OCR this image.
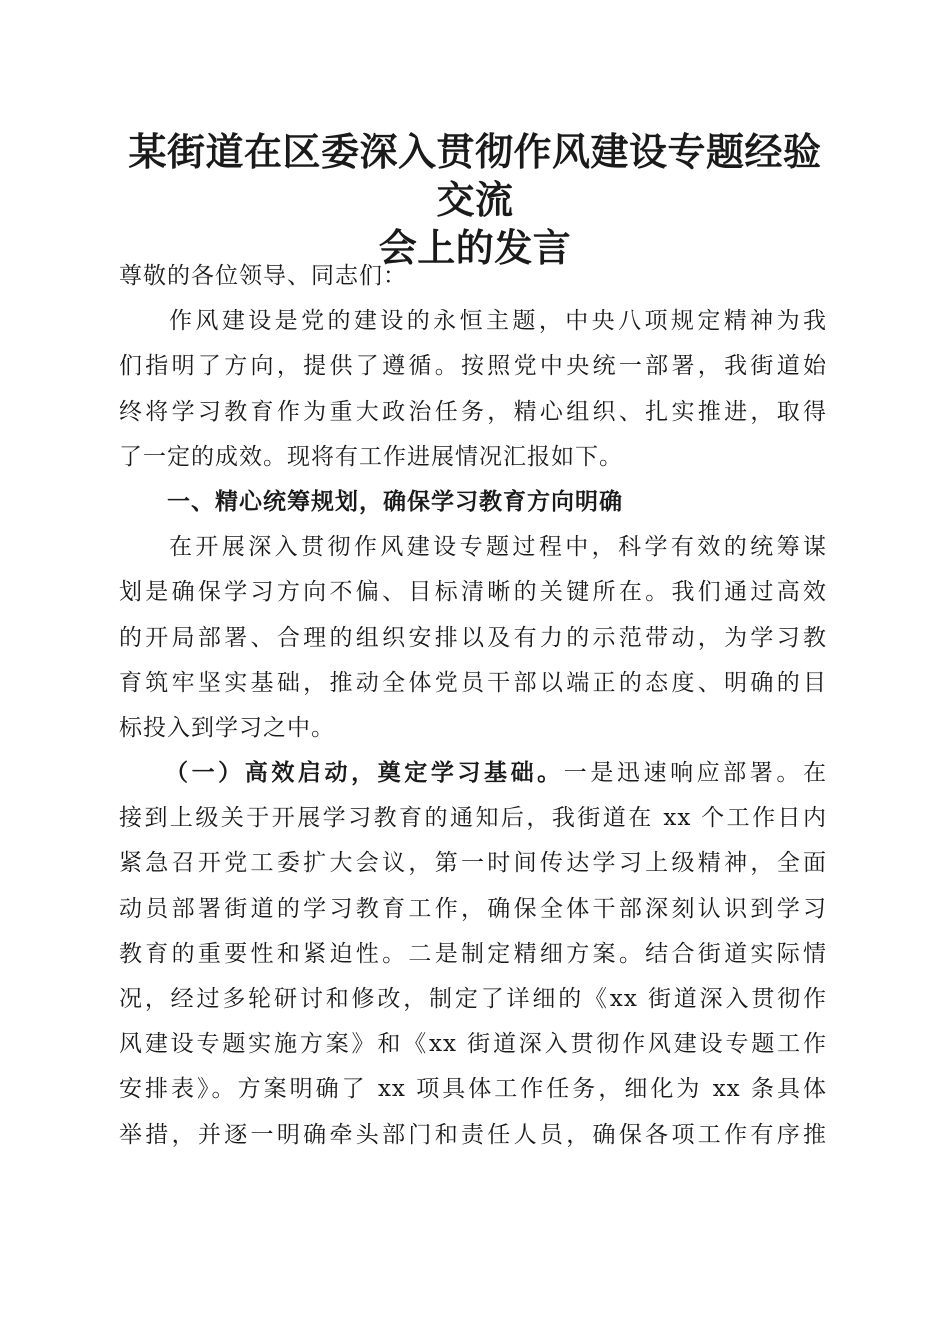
某街道在区委深入贯彻作风建设专题经验交流
会上的发言
尊敬的各位领导、同志们：
作风建设是党的建设的永恒主题，中央八项规定精神为我
们指明了方向，提供了遵循。按照党中央统一部署，我街道始
终将学习教育作为重大政治任务，精心组织、扎实推进，取得
了一定的成效。现将有工作进展情况汇报如下。
一、精心统筹规划，确保学习教育方向明确
在开展深入贯彻作风建设专题过程中，科学有效的统筹谋
划是确保学习方向不偏、目标清晰的关键所在。我们通过高效
的开局部署、合理的组织安排以及有力的示范带动，为学习教
育筑牢坚实基础，推动全体党员干部以端正的态度、明确的目
标投入到学习之中。
（一）高效启动，奠定学习基础。一是迅速响应部署。在
接到上级关于开展学习教育的通知后，我街道在 xx 个工作日内
紧急召开党工委扩大会议，第一时间传达学习上级精神，全面
动员部署街道的学习教育工作，确保全体干部深刻认识到学习
教育的重要性和紧迫性。二是制定精细方案。结合街道实际情
况，经过多轮研讨和修改，制定了详细的《xx 街道深入贯彻作
风建设专题实施方案》和《xx 街道深入贯彻作风建设专题工作
安排表》。方案明确了 xx 项具体工作任务，细化为 xx 条具体
举措，并逐一明确牵头部门和责任人员，确保各项工作有序推
